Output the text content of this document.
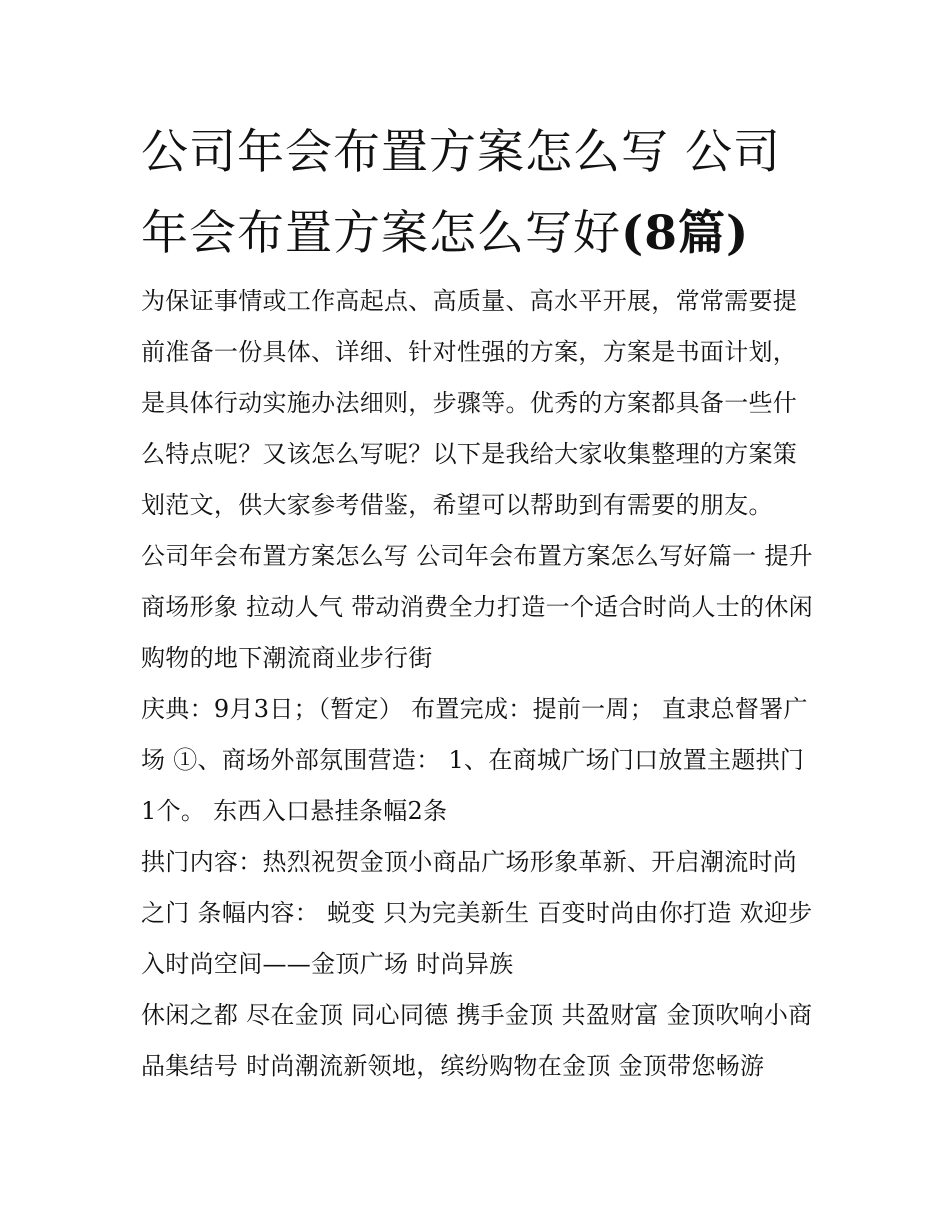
公司年会布置方案怎么写 公司年会布置方案怎么写好(8篇)

为保证事情或工作高起点、高质量、高水平开展，常常需要提前准备一份具体、详细、针对性强的方案，方案是书面计划，是具体行动实施办法细则，步骤等。优秀的方案都具备一些什么特点呢？又该怎么写呢？以下是我给大家收集整理的方案策划范文，供大家参考借鉴，希望可以帮助到有需要的朋友。

公司年会布置方案怎么写 公司年会布置方案怎么写好篇一 提升商场形象 拉动人气 带动消费全力打造一个适合时尚人士的休闲购物的地下潮流商业步行街

庆典：9月3日；（暂定） 布置完成：提前一周； 直隶总督署广场 ①、商场外部氛围营造： 1、在商城广场门口放置主题拱门1个。 东西入口悬挂条幅2条

拱门内容：热烈祝贺金顶小商品广场形象革新、开启潮流时尚之门 条幅内容： 蜕变 只为完美新生 百变时尚由你打造 欢迎步入时尚空间——金顶广场 时尚异族

休闲之都 尽在金顶 同心同德 携手金顶 共盈财富 金顶吹响小商品集结号 时尚潮流新领地，缤纷购物在金顶 金顶带您畅游
